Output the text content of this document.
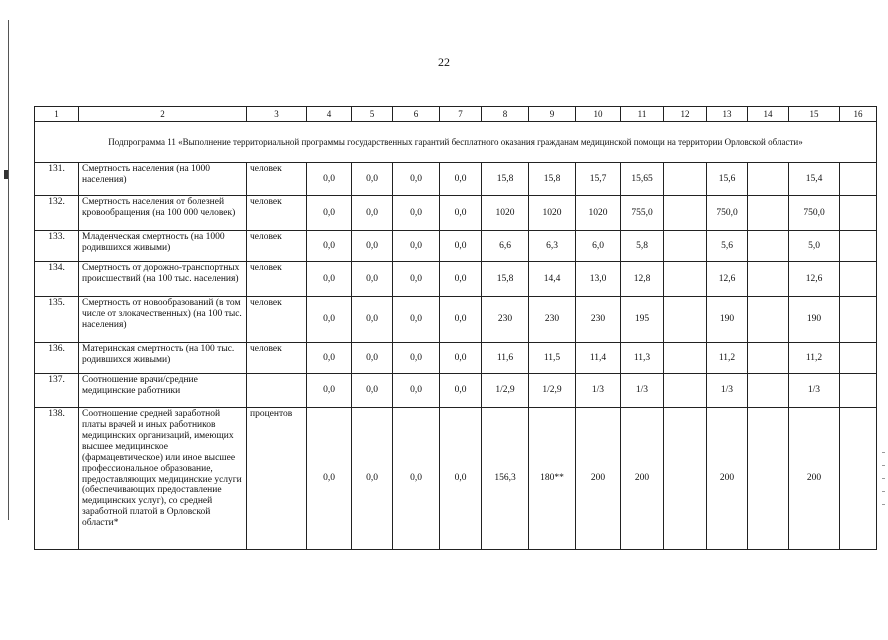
22
1	2	3	4	5	6	7	8	9	10	11	12	13	14	15	16
Подпрограмма 11 «Выполнение территориальной программы государственных гарантий бесплатного оказания гражданам медицинской помощи на территории Орловской области»															
131.	Смертность населения (на 1000 населения)	человек	0,0	0,0	0,0	0,0	15,8	15,8	15,7	15,65		15,6		15,4	
132.	Смертность населения от болезней кровообращения (на 100 000 человек)	человек	0,0	0,0	0,0	0,0	1020	1020	1020	755,0		750,0		750,0	
133.	Младенческая смертность (на 1000 родившихся живыми)	человек	0,0	0,0	0,0	0,0	6,6	6,3	6,0	5,8		5,6		5,0	
134.	Смертность от дорожно-транспортных происшествий (на 100 тыс. населения)	человек	0,0	0,0	0,0	0,0	15,8	14,4	13,0	12,8		12,6		12,6	
135.	Смертность от новообразований (в том числе от злокачественных) (на 100 тыс. населения)	человек	0,0	0,0	0,0	0,0	230	230	230	195		190		190	
136.	Материнская смертность (на 100 тыс. родившихся живыми)	человек	0,0	0,0	0,0	0,0	11,6	11,5	11,4	11,3		11,2		11,2	
137.	Соотношение врачи/средние медицинские работники		0,0	0,0	0,0	0,0	1/2,9	1/2,9	1/3	1/3		1/3		1/3	
138.	Соотношение средней заработной платы врачей и иных работников медицинских организаций, имеющих высшее медицинское (фармацевтическое) или иное высшее профессиональное образование, предоставляющих медицинские услуги (обеспечивающих предоставление медицинских услуг), со средней заработной платой в Орловской области*	процентов	0,0	0,0	0,0	0,0	156,3	180**	200	200		200		200	
